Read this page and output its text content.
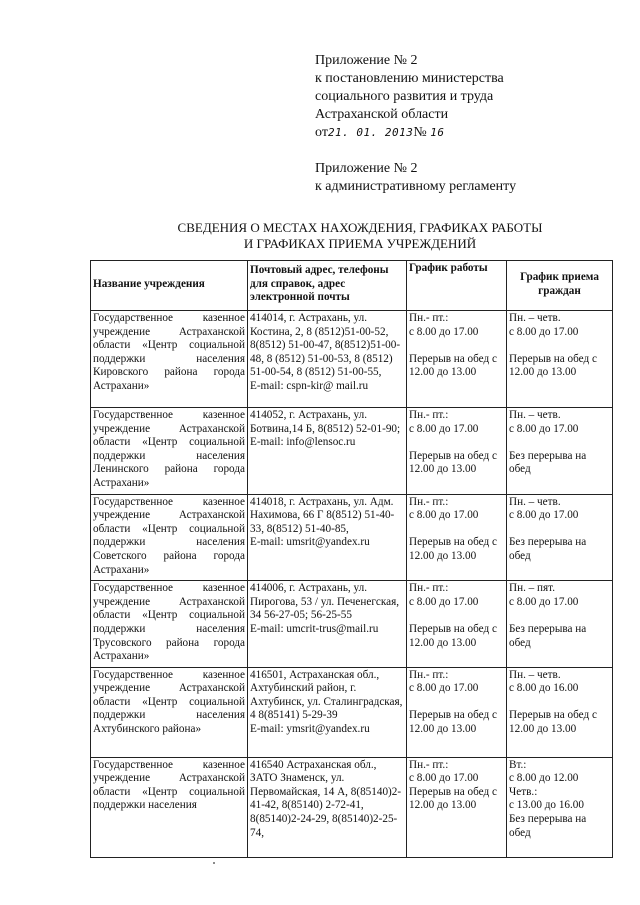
Приложение № 2
к постановлению министерства
социального развития и труда
Астраханской области
от21. 01. 2013№ 16
Приложение № 2
к административному регламенту
СВЕДЕНИЯ О МЕСТАХ НАХОЖДЕНИЯ, ГРАФИКАХ РАБОТЫ
И ГРАФИКАХ ПРИЕМА УЧРЕЖДЕНИЙ
Название учреждения	Почтовый адрес, телефоны для справок, адрес электронной почты	График работы	График приема граждан
Государственное казенное учреждение Астраханской области «Центр социальной поддержки населения Кировского района города Астрахани»	414014, г. Астрахань, ул. Костина, 2, 8 (8512)51-00-52, 8(8512) 51-00-47, 8(8512)51-00-48, 8 (8512) 51-00-53, 8 (8512) 51-00-54, 8 (8512) 51-00-55,
E-mail: cspn-kir@ mail.ru	Пн.- пт.:
с 8.00 до 17.00
Перерыв на обед с 12.00 до 13.00	Пн. – четв.
с 8.00 до 17.00
Перерыв на обед с 12.00 до 13.00

Государственное казенное учреждение Астраханской области «Центр социальной поддержки населения Ленинского района города Астрахани»	414052, г. Астрахань, ул. Ботвина,14 Б, 8(8512) 52-01-90;
E-mail: info@lensoc.ru	Пн.- пт.:
с 8.00 до 17.00
Перерыв на обед с 12.00 до 13.00	Пн. – четв.
с 8.00 до 17.00
Без перерыва на обед

Государственное казенное учреждение Астраханской области «Центр социальной поддержки населения Советского района города Астрахани»	414018, г. Астрахань, ул. Адм. Нахимова, 66 Г 8(8512) 51-40-33, 8(8512) 51-40-85,
E-mail: umsrit@yandex.ru	Пн.- пт.:
с 8.00 до 17.00
Перерыв на обед с 12.00 до 13.00	Пн. – четв.
с 8.00 до 17.00
Без перерыва на обед

Государственное казенное учреждение Астраханской области «Центр социальной поддержки населения Трусовского района города Астрахани»	414006, г. Астрахань, ул. Пирогова, 53 / ул. Печенегская, 34 56-27-05; 56-25-55
E-mail: umcrit-trus@mail.ru	Пн.- пт.:
с 8.00 до 17.00
Перерыв на обед с 12.00 до 13.00	Пн. – пят.
с 8.00 до 17.00
Без перерыва на обед

Государственное казенное учреждение Астраханской области «Центр социальной поддержки населения Ахтубинского района»	416501, Астраханская обл., Ахтубинский район, г. Ахтубинск, ул. Сталинградская, 4 8(85141) 5-29-39
E-mail: ymsrit@yandex.ru	Пн.- пт.:
с 8.00 до 17.00
Перерыв на обед с 12.00 до 13.00	Пн. – четв.
с 8.00 до 16.00
Перерыв на обед с 12.00 до 13.00

Государственное казенное учреждение Астраханской области «Центр социальной поддержки населения	416540 Астраханская обл., ЗАТО Знаменск, ул. Первомайская, 14 А, 8(85140)2-41-42, 8(85140) 2-72-41, 8(85140)2-24-29, 8(85140)2-25-74,	Пн.- пт.:
с 8.00 до 17.00
Перерыв на обед с 12.00 до 13.00	Вт.:
с 8.00 до 12.00
Четв.:
с 13.00 до 16.00
Без перерыва на обед
